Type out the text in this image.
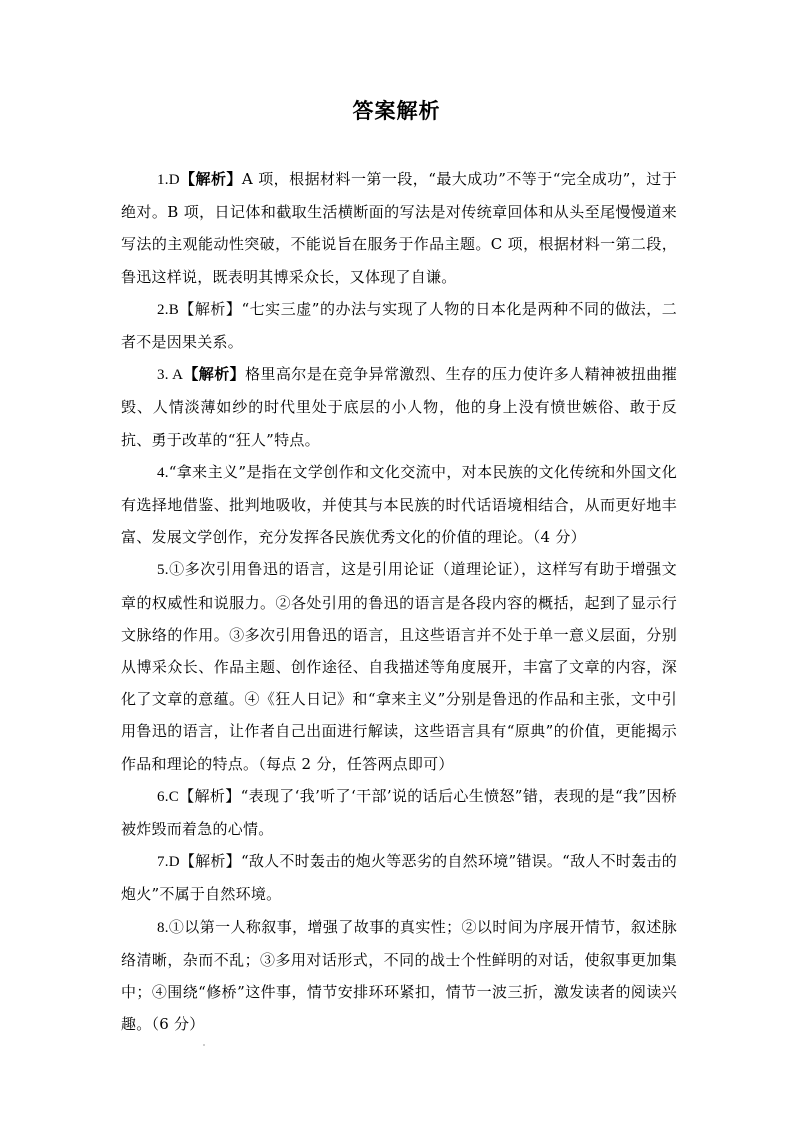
答案解析

1.D【解析】A 项，根据材料一第一段，“最大成功”不等于“完全成功”，过于绝对。B 项，日记体和截取生活横断面的写法是对传统章回体和从头至尾慢慢道来写法的主观能动性突破，不能说旨在服务于作品主题。C 项，根据材料一第二段，鲁迅这样说，既表明其博采众长，又体现了自谦。

2.B【解析】“七实三虚”的办法与实现了人物的日本化是两种不同的做法，二者不是因果关系。

3. A【解析】格里高尔是在竞争异常激烈、生存的压力使许多人精神被扭曲摧毁、人情淡薄如纱的时代里处于底层的小人物，他的身上没有愤世嫉俗、敢于反抗、勇于改革的“狂人”特点。

4.“拿来主义”是指在文学创作和文化交流中，对本民族的文化传统和外国文化有选择地借鉴、批判地吸收，并使其与本民族的时代话语境相结合，从而更好地丰富、发展文学创作，充分发挥各民族优秀文化的价值的理论。（4 分）

5.①多次引用鲁迅的语言，这是引用论证（道理论证），这样写有助于增强文章的权威性和说服力。②各处引用的鲁迅的语言是各段内容的概括，起到了显示行文脉络的作用。③多次引用鲁迅的语言，且这些语言并不处于单一意义层面，分别从博采众长、作品主题、创作途径、自我描述等角度展开，丰富了文章的内容，深化了文章的意蕴。④《狂人日记》和“拿来主义”分别是鲁迅的作品和主张，文中引用鲁迅的语言，让作者自己出面进行解读，这些语言具有“原典”的价值，更能揭示作品和理论的特点。（每点 2 分，任答两点即可）

6.C【解析】“表现了‘我’听了‘干部’说的话后心生愤怒”错，表现的是“我”因桥被炸毁而着急的心情。

7.D【解析】“敌人不时轰击的炮火等恶劣的自然环境”错误。“敌人不时轰击的炮火”不属于自然环境。

8.①以第一人称叙事，增强了故事的真实性；②以时间为序展开情节，叙述脉络清晰，杂而不乱；③多用对话形式，不同的战士个性鲜明的对话，使叙事更加集中；④围绕“修桥”这件事，情节安排环环紧扣，情节一波三折，激发读者的阅读兴趣。（6 分）
